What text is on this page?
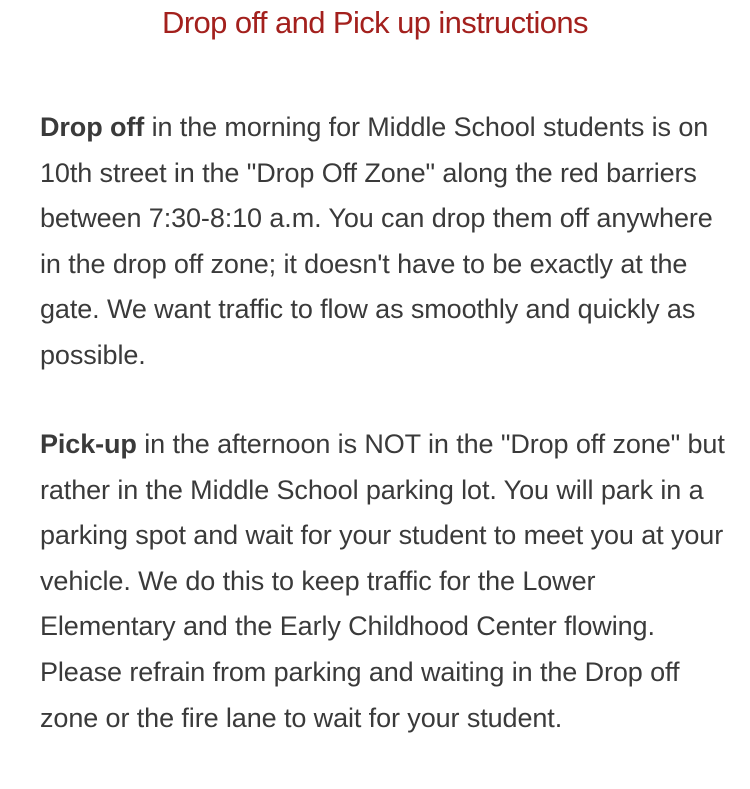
Drop off and Pick up instructions

Drop off in the morning for Middle School students is on 10th street in the "Drop Off Zone" along the red barriers between 7:30-8:10 a.m. You can drop them off anywhere in the drop off zone; it doesn't have to be exactly at the gate. We want traffic to flow as smoothly and quickly as possible.

Pick-up in the afternoon is NOT in the "Drop off zone" but rather in the Middle School parking lot. You will park in a parking spot and wait for your student to meet you at your vehicle. We do this to keep traffic for the Lower Elementary and the Early Childhood Center flowing. Please refrain from parking and waiting in the Drop off zone or the fire lane to wait for your student.
